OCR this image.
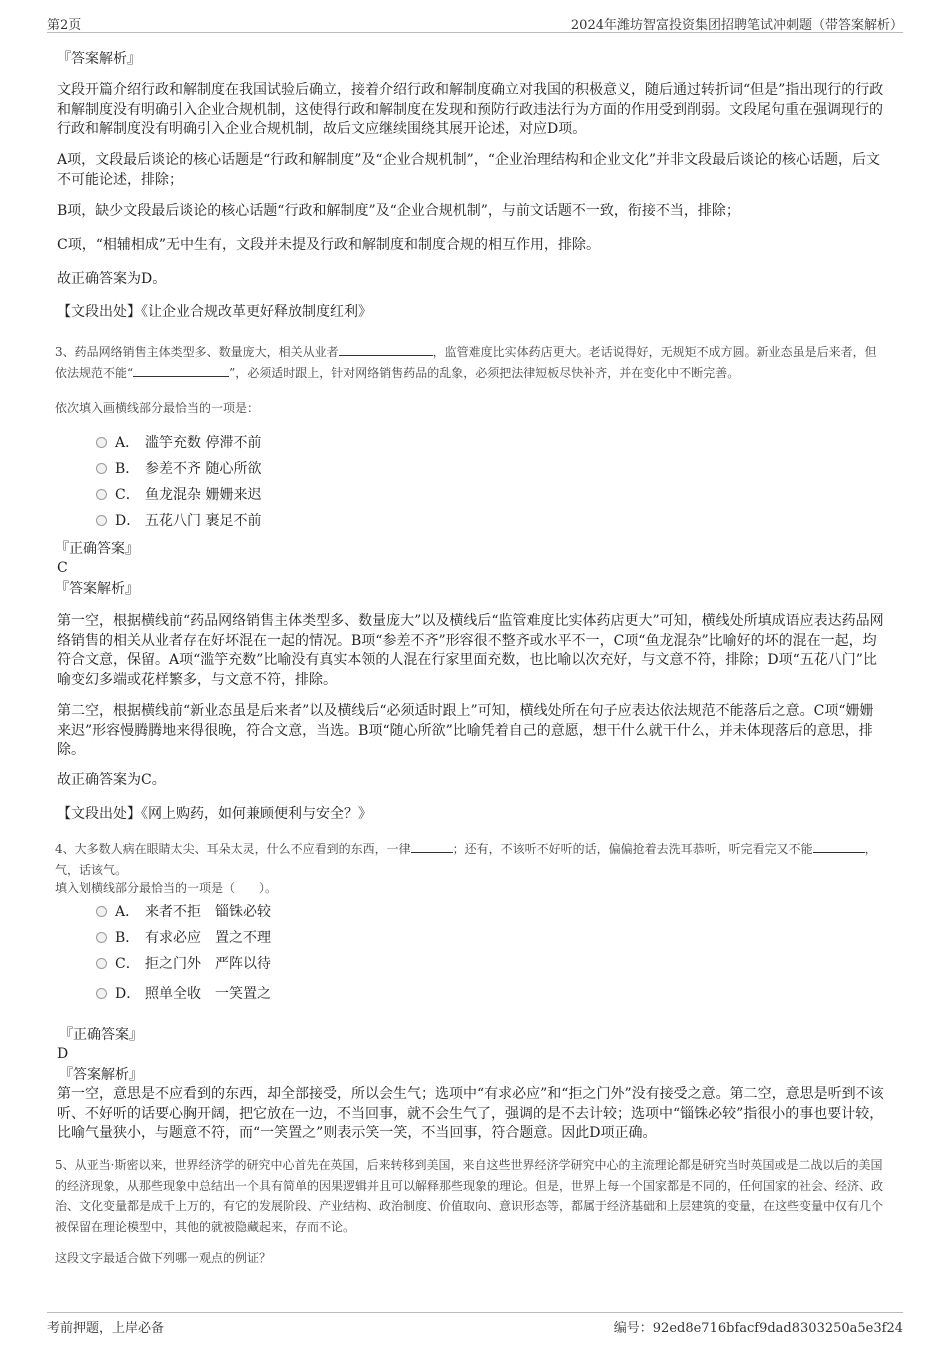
第2页	2024年潍坊智富投资集团招聘笔试冲刺题（带答案解析）
『答案解析』

文段开篇介绍行政和解制度在我国试验后确立，接着介绍行政和解制度确立对我国的积极意义，随后通过转折词“但是”指出现行的行政和解制度没有明确引入企业合规机制，这使得行政和解制度在发现和预防行政违法行为方面的作用受到削弱。文段尾句重在强调现行的行政和解制度没有明确引入企业合规机制，故后文应继续围绕其展开论述，对应D项。

A项，文段最后谈论的核心话题是“行政和解制度”及“企业合规机制”，“企业治理结构和企业文化”并非文段最后谈论的核心话题，后文不可能论述，排除；

B项，缺少文段最后谈论的核心话题“行政和解制度”及“企业合规机制”，与前文话题不一致，衔接不当，排除；

C项，“相辅相成”无中生有，文段并未提及行政和解制度和制度合规的相互作用，排除。

故正确答案为D。
【文段出处】《让企业合规改革更好释放制度红利》

3、药品网络销售主体类型多、数量庞大，相关从业者	，监管难度比实体药店更大。老话说得好，无规矩不成方圆。新业态虽是后来者，但依法规范不能“	”，必须适时跟上，针对网络销售药品的乱象，必须把法律短板尽快补齐，并在变化中不断完善。

依次填入画横线部分最恰当的一项是：
A． 滥竽充数 停滞不前
B． 参差不齐 随心所欲
C． 鱼龙混杂 姗姗来迟
D． 五花八门 裹足不前
『正确答案』
C
『答案解析』

第一空，根据横线前“药品网络销售主体类型多、数量庞大”以及横线后“监管难度比实体药店更大”可知，横线处所填成语应表达药品网络销售的相关从业者存在好坏混在一起的情况。B项“参差不齐”形容很不整齐或水平不一，C项“鱼龙混杂”比喻好的坏的混在一起，均符合文意，保留。A项“滥竽充数”比喻没有真实本领的人混在行家里面充数，也比喻以次充好，与文意不符，排除；D项“五花八门”比喻变幻多端或花样繁多，与文意不符，排除。

第二空，根据横线前“新业态虽是后来者”以及横线后“必须适时跟上”可知，横线处所在句子应表达依法规范不能落后之意。C项“姗姗来迟”形容慢腾腾地来得很晚，符合文意，当选。B项“随心所欲”比喻凭着自己的意愿，想干什么就干什么，并未体现落后的意思，排除。

故正确答案为C。
【文段出处】《网上购药，如何兼顾便利与安全？》

4、大多数人病在眼睛太尖、耳朵太灵，什么不应看到的东西，一律	；还有，不该听不好听的话，偏偏抢着去洗耳恭听，听完看完又不能	，气，话该气。

填入划横线部分最恰当的一项是（　　）。
A． 来者不拒　锱铢必较
B． 有求必应　置之不理
C． 拒之门外　严阵以待
D． 照单全收　一笑置之
『正确答案』
D
『答案解析』

第一空，意思是不应看到的东西，却全部接受，所以会生气；选项中“有求必应”和“拒之门外”没有接受之意。第二空，意思是听到不该听、不好听的话要心胸开阔，把它放在一边，不当回事，就不会生气了，强调的是不去计较；选项中“锱铢必较”指很小的事也要计较，比喻气量狭小，与题意不符，而“一笑置之”则表示笑一笑，不当回事，符合题意。因此D项正确。

5、从亚当·斯密以来，世界经济学的研究中心首先在英国，后来转移到美国，来自这些世界经济学研究中心的主流理论都是研究当时英国或是二战以后的美国的经济现象，从那些现象中总结出一个具有简单的因果逻辑并且可以解释那些现象的理论。但是，世界上每一个国家都是不同的，任何国家的社会、经济、政治、文化变量都是成千上万的，有它的发展阶段、产业结构、政治制度、价值取向、意识形态等，都属于经济基础和上层建筑的变量，在这些变量中仅有几个被保留在理论模型中，其他的就被隐藏起来，存而不论。

这段文字最适合做下列哪一观点的例证？
考前押题，上岸必备	编号：92ed8e716bfacf9dad8303250a5e3f24
